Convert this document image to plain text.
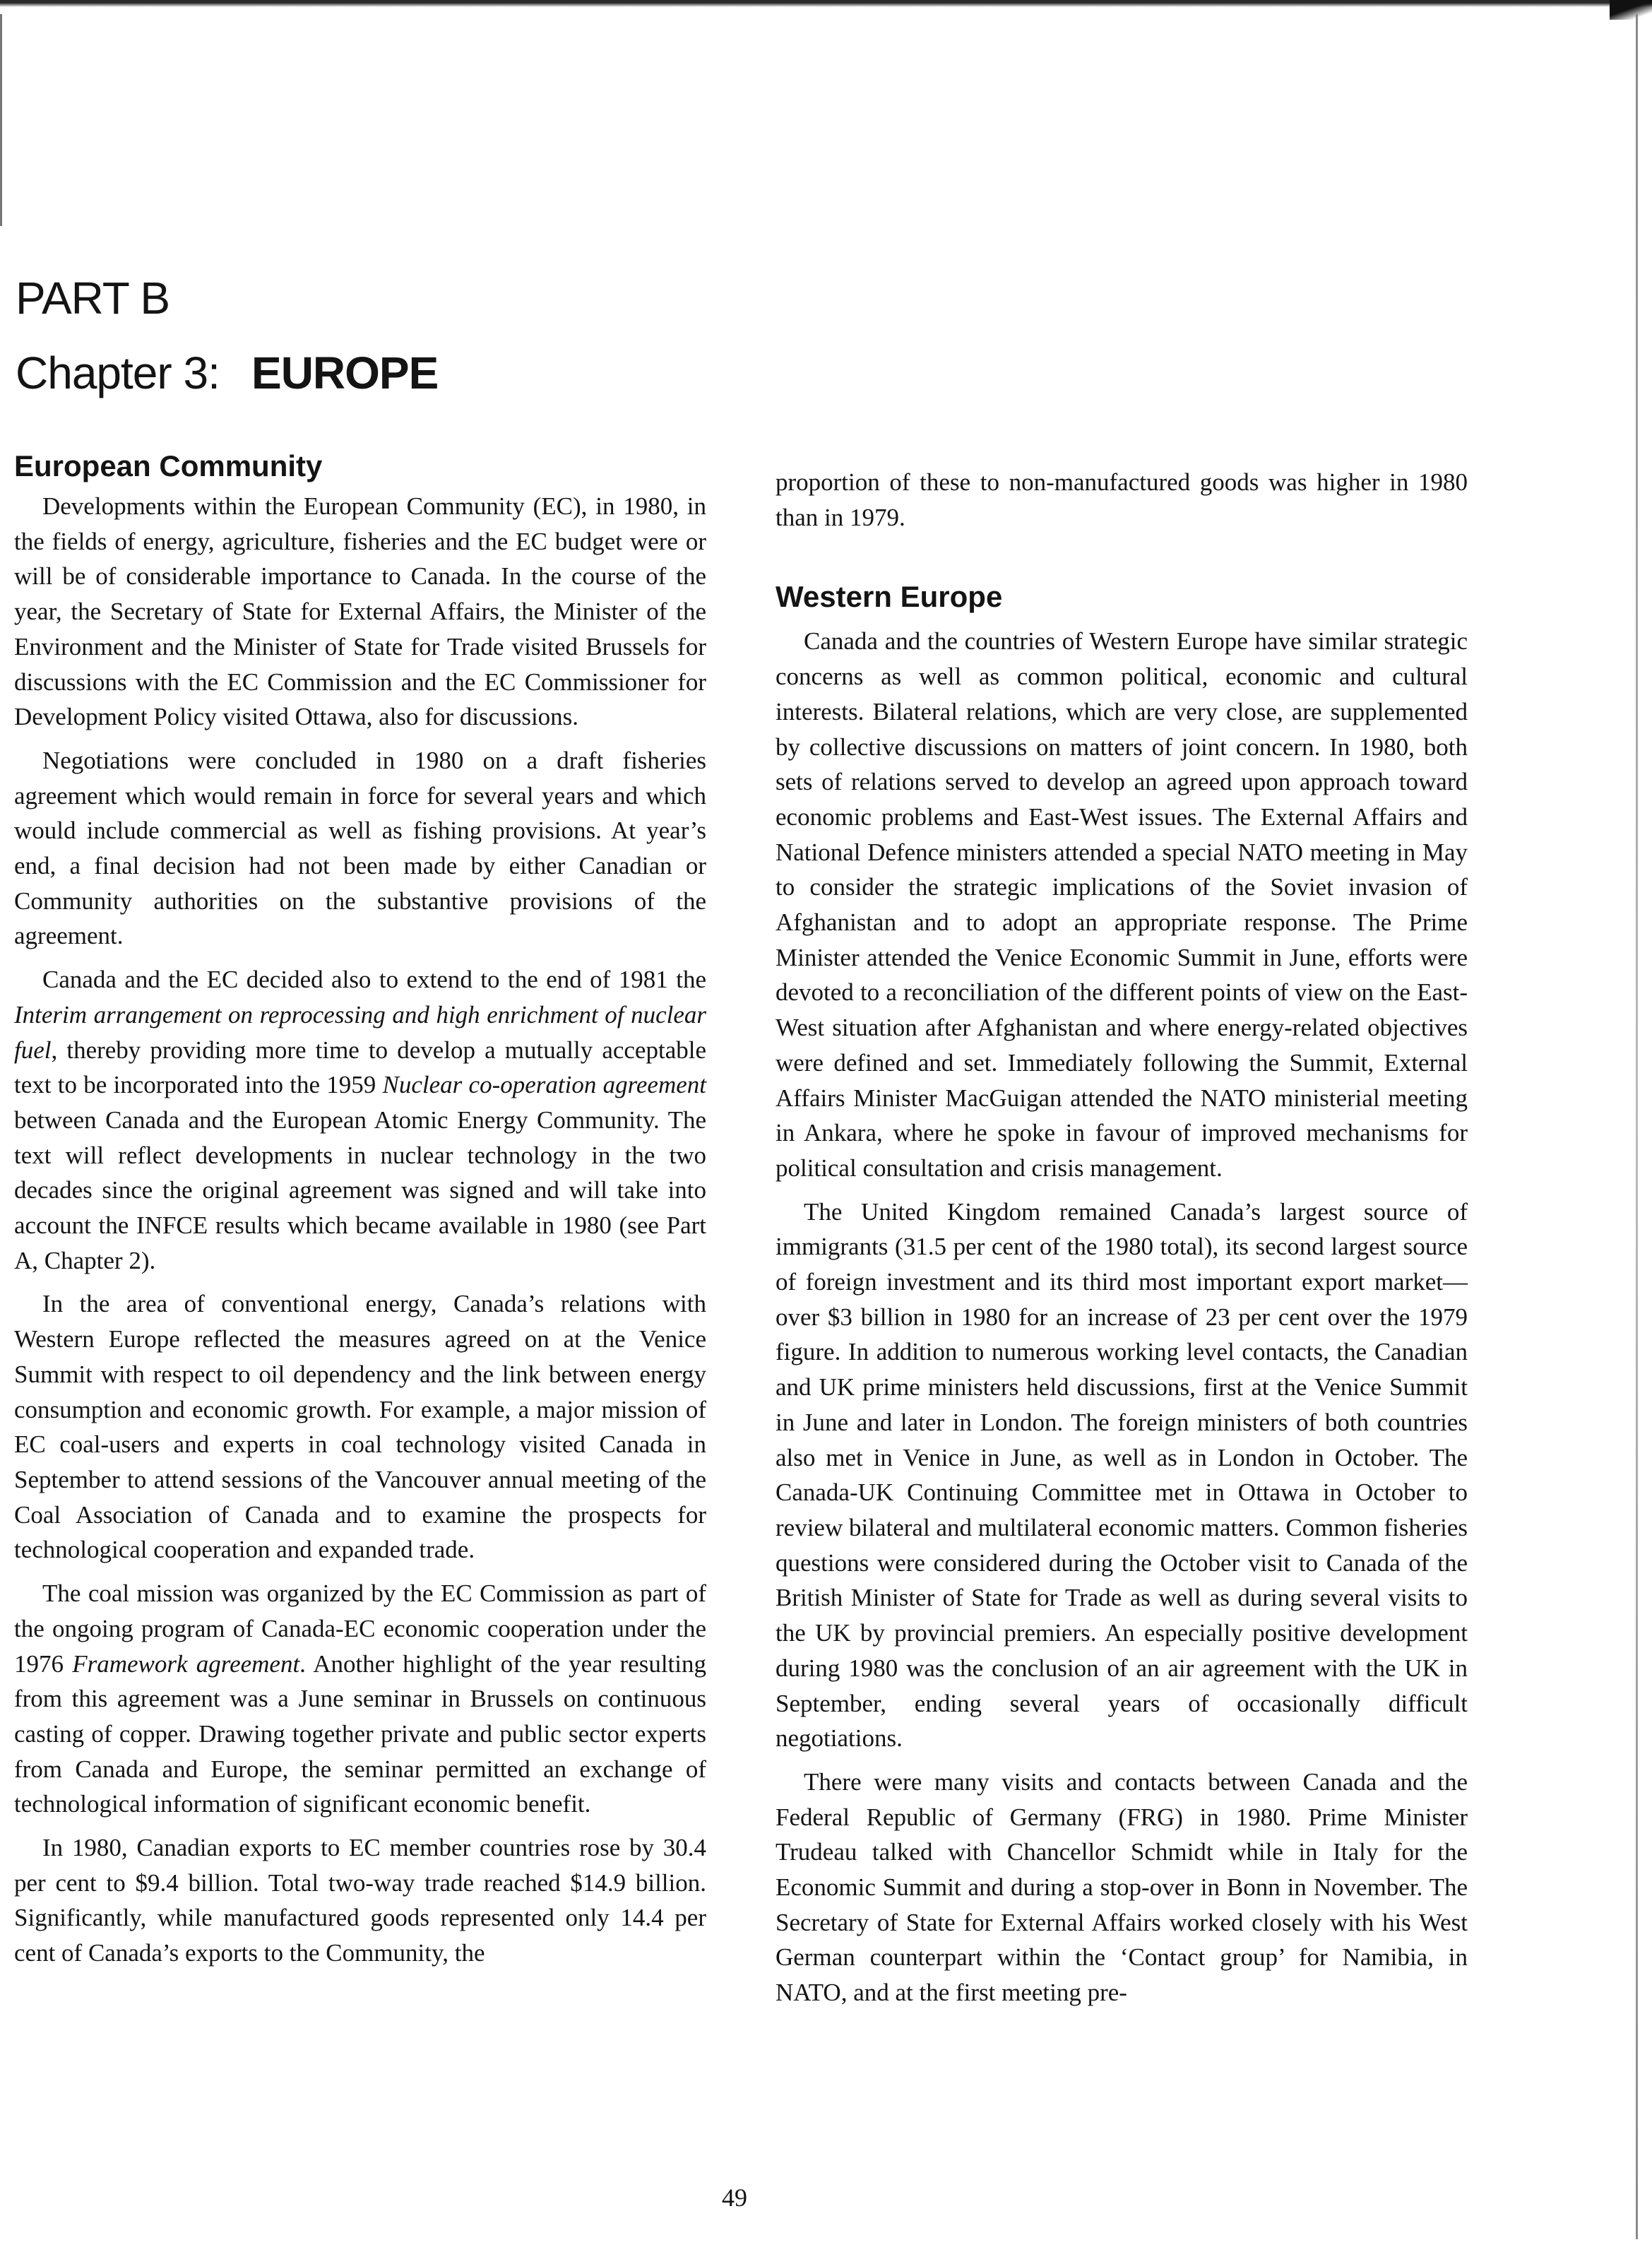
PART B
Chapter 3: EUROPE
European Community

Developments within the European Community (EC), in 1980, in the fields of energy, agriculture, fisheries and the EC budget were or will be of considerable importance to Canada. In the course of the year, the Secretary of State for External Affairs, the Minister of the Environment and the Minister of State for Trade visited Brussels for discussions with the EC Commission and the EC Commissioner for Development Policy visited Ottawa, also for discussions.

Negotiations were concluded in 1980 on a draft fisheries agreement which would remain in force for several years and which would include commercial as well as fishing provisions. At year’s end, a final decision had not been made by either Canadian or Community authorities on the substantive provisions of the agreement.

Canada and the EC decided also to extend to the end of 1981 the Interim arrangement on reprocessing and high enrichment of nuclear fuel, thereby providing more time to develop a mutually acceptable text to be incorporated into the 1959 Nuclear co-operation agreement between Canada and the European Atomic Energy Community. The text will reflect developments in nuclear technology in the two decades since the original agreement was signed and will take into account the INFCE results which became available in 1980 (see Part A, Chapter 2).

In the area of conventional energy, Canada’s relations with Western Europe reflected the measures agreed on at the Venice Summit with respect to oil dependency and the link between energy consumption and economic growth. For example, a major mission of EC coal-users and experts in coal technology visited Canada in September to attend sessions of the Vancouver annual meeting of the Coal Association of Canada and to examine the prospects for technological cooperation and expanded trade.

The coal mission was organized by the EC Commission as part of the ongoing program of Canada-EC economic cooperation under the 1976 Framework agreement. Another highlight of the year resulting from this agreement was a June seminar in Brussels on continuous casting of copper. Drawing together private and public sector experts from Canada and Europe, the seminar permitted an exchange of technological information of significant economic benefit.

In 1980, Canadian exports to EC member countries rose by 30.4 per cent to $9.4 billion. Total two-way trade reached $14.9 billion. Significantly, while manufactured goods represented only 14.4 per cent of Canada’s exports to the Community, the

proportion of these to non-manufactured goods was higher in 1980 than in 1979.

Western Europe

Canada and the countries of Western Europe have similar strategic concerns as well as common political, economic and cultural interests. Bilateral relations, which are very close, are supplemented by collective discussions on matters of joint concern. In 1980, both sets of relations served to develop an agreed upon approach toward economic problems and East-West issues. The External Affairs and National Defence ministers attended a special NATO meeting in May to consider the strategic implications of the Soviet invasion of Afghanistan and to adopt an appropriate response. The Prime Minister attended the Venice Economic Summit in June, efforts were devoted to a reconciliation of the different points of view on the East-West situation after Afghanistan and where energy-related objectives were defined and set. Immediately following the Summit, External Affairs Minister MacGuigan attended the NATO ministerial meeting in Ankara, where he spoke in favour of improved mechanisms for political consultation and crisis management.

The United Kingdom remained Canada’s largest source of immigrants (31.5 per cent of the 1980 total), its second largest source of foreign investment and its third most important export market—over $3 billion in 1980 for an increase of 23 per cent over the 1979 figure. In addition to numerous working level contacts, the Canadian and UK prime ministers held discussions, first at the Venice Summit in June and later in London. The foreign ministers of both countries also met in Venice in June, as well as in London in October. The Canada-UK Continuing Committee met in Ottawa in October to review bilateral and multilateral economic matters. Common fisheries questions were considered during the October visit to Canada of the British Minister of State for Trade as well as during several visits to the UK by provincial premiers. An especially positive development during 1980 was the conclusion of an air agreement with the UK in September, ending several years of occasionally difficult negotiations.

There were many visits and contacts between Canada and the Federal Republic of Germany (FRG) in 1980. Prime Minister Trudeau talked with Chancellor Schmidt while in Italy for the Economic Summit and during a stop-over in Bonn in November. The Secretary of State for External Affairs worked closely with his West German counterpart within the ‘Contact group’ for Namibia, in NATO, and at the first meeting pre-

49
